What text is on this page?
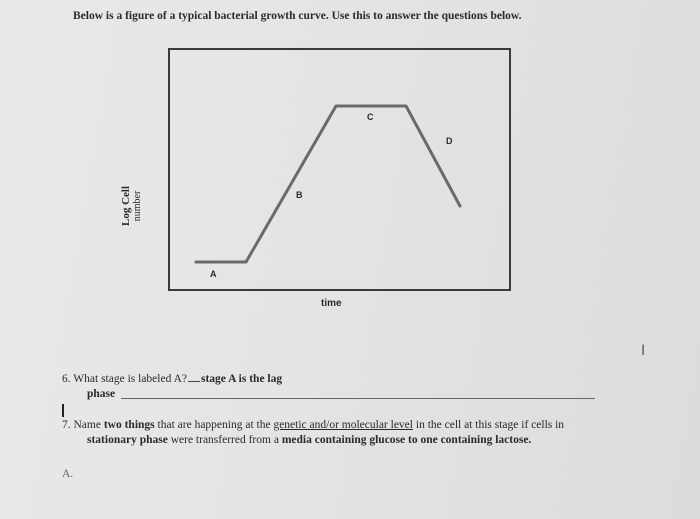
Below is a figure of a typical bacterial growth curve. Use this to answer the questions below.
A
B
C
D
Log Cell number
time
6. What stage is labeled A? stage A is the lag
phase
7. Name two things that are happening at the genetic and/or molecular level in the cell at this stage if cells in
stationary phase were transferred from a media containing glucose to one containing lactose.
A.
I
